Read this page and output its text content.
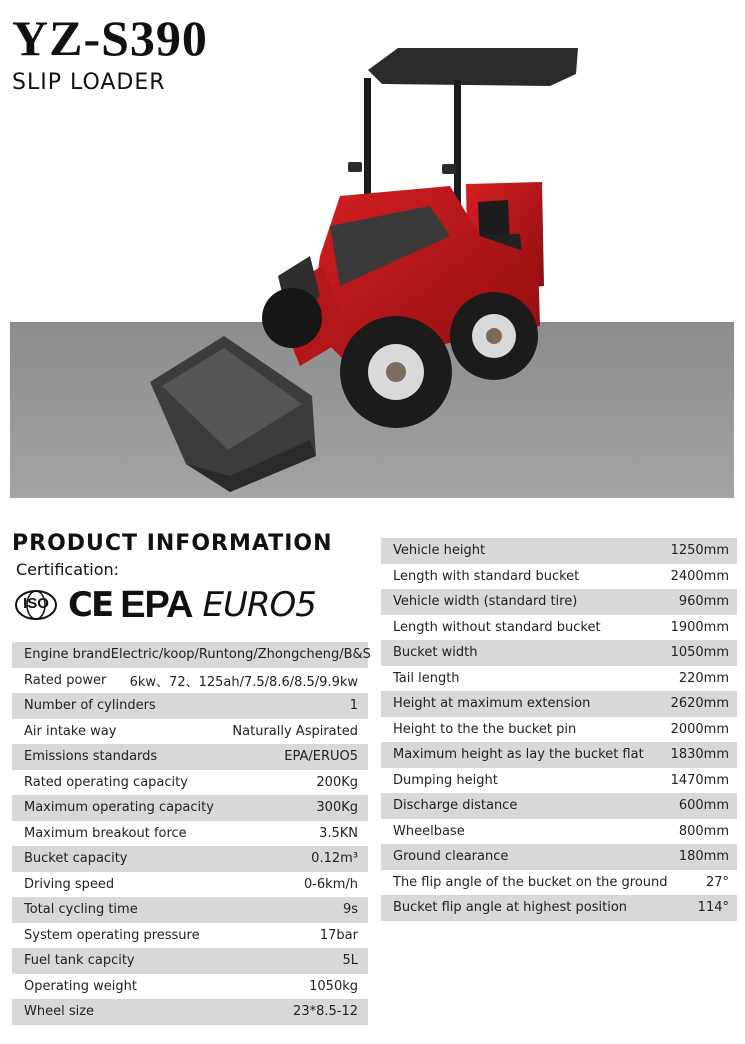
YZ-S390
SLIP LOADER
PRODUCT INFORMATION
Certification:
ISO CE EPA EURO5
Engine brand Electric/koop/Runtong/Zhongcheng/B&S
Rated power 6kw、72、125ah/7.5/8.6/8.5/9.9kw
Number of cylinders	1
Air intake way	Naturally Aspirated
Emissions standards	EPA/ERUO5
Rated operating capacity	200Kg
Maximum operating capacity	300Kg
Maximum breakout force	3.5KN
Bucket capacity	0.12m³
Driving speed	0-6km/h
Total cycling time	9s
System operating pressure	17bar
Fuel tank capcity	5L
Operating weight	1050kg
Wheel size	23*8.5-12
Vehicle height	1250mm
Length with standard bucket	2400mm
Vehicle width (standard tire)	960mm
Length without standard bucket	1900mm
Bucket width	1050mm
Tail length	220mm
Height at maximum extension	2620mm
Height to the the bucket pin	2000mm
Maximum height as lay the bucket flat 1830mm
Dumping height	1470mm
Discharge distance	600mm
Wheelbase	800mm
Ground clearance	180mm
The flip angle of the bucket on the ground	27°
Bucket flip angle at highest position	114°
